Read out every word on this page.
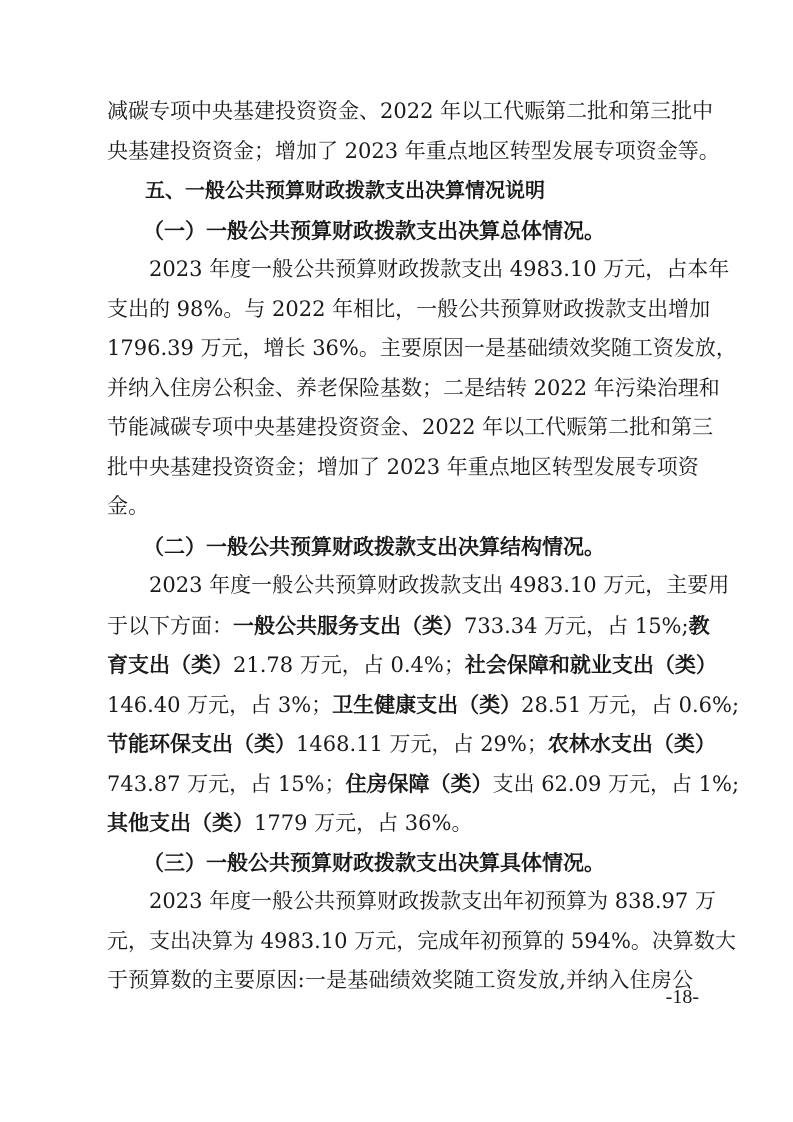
减碳专项中央基建投资资金、2022 年以工代赈第二批和第三批中
央基建投资资金；增加了 2023 年重点地区转型发展专项资金等。
五、一般公共预算财政拨款支出决算情况说明
（一）一般公共预算财政拨款支出决算总体情况。
2023 年度一般公共预算财政拨款支出 4983.10 万元，占本年
支出的 98%。与 2022 年相比，一般公共预算财政拨款支出增加
1796.39 万元，增长 36%。主要原因一是基础绩效奖随工资发放，
并纳入住房公积金、养老保险基数；二是结转 2022 年污染治理和
节能减碳专项中央基建投资资金、2022 年以工代赈第二批和第三
批中央基建投资资金；增加了 2023 年重点地区转型发展专项资
金。
（二）一般公共预算财政拨款支出决算结构情况。
2023 年度一般公共预算财政拨款支出 4983.10 万元，主要用
于以下方面：一般公共服务支出（类）733.34 万元，占 15%;教
育支出（类）21.78 万元，占 0.4%；社会保障和就业支出（类）
146.40 万元，占 3%；卫生健康支出（类）28.51 万元，占 0.6%;
节能环保支出（类）1468.11 万元，占 29%；农林水支出（类）
743.87 万元，占 15%；住房保障（类）支出 62.09 万元，占 1%;
其他支出（类）1779 万元，占 36%。
（三）一般公共预算财政拨款支出决算具体情况。
2023 年度一般公共预算财政拨款支出年初预算为 838.97 万
元，支出决算为 4983.10 万元，完成年初预算的 594%。决算数大
于预算数的主要原因:一是基础绩效奖随工资发放,并纳入住房公
-18-
